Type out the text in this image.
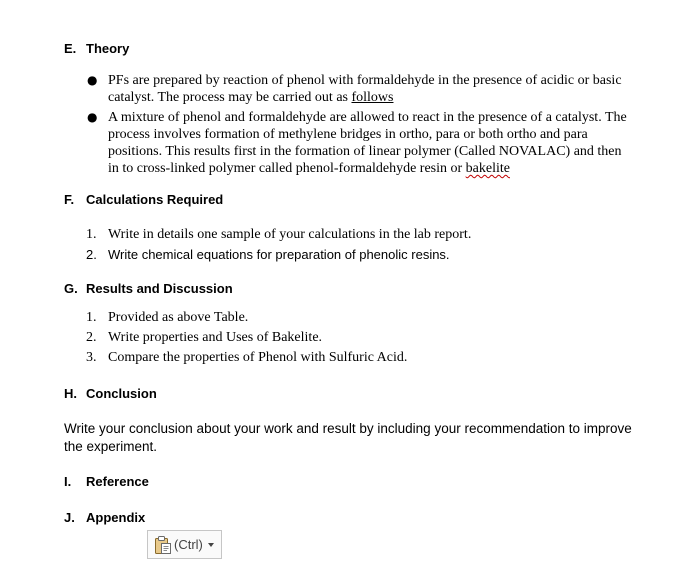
E. Theory
● PFs are prepared by reaction of phenol with formaldehyde in the presence of acidic or basic catalyst. The process may be carried out as follows
● A mixture of phenol and formaldehyde are allowed to react in the presence of a catalyst. The process involves formation of methylene bridges in ortho, para or both ortho and para positions. This results first in the formation of linear polymer (Called NOVALAC) and then in to cross-linked polymer called phenol-formaldehyde resin or bakelite
F. Calculations Required
1. Write in details one sample of your calculations in the lab report.
2. Write chemical equations for preparation of phenolic resins.
G. Results and Discussion
1. Provided as above Table.
2. Write properties and Uses of Bakelite.
3. Compare the properties of Phenol with Sulfuric Acid.
H. Conclusion

Write your conclusion about your work and result by including your recommendation to improve the experiment.

I. Reference
J. Appendix
(Ctrl)
